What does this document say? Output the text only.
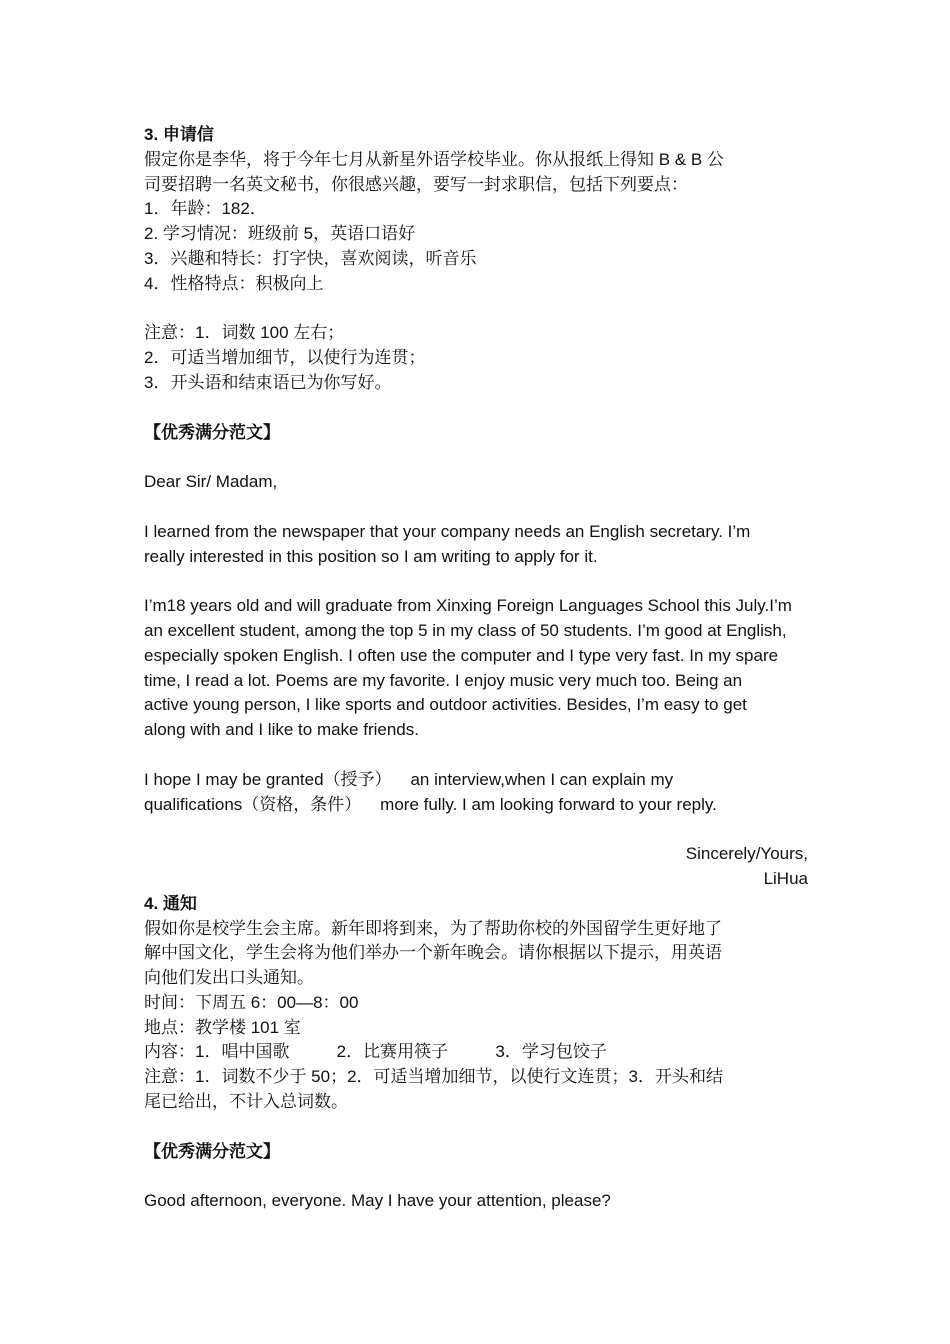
3. 申请信
假定你是李华，将于今年七月从新星外语学校毕业。你从报纸上得知 B & B 公
司要招聘一名英文秘书，你很感兴趣，要写一封求职信，包括下列要点：
1．年龄：182．
2. 学习情况：班级前 5，英语口语好
3．兴趣和特长：打字快，喜欢阅读，听音乐
4．性格特点：积极向上
注意：1．词数 100 左右；
2．可适当增加细节，以使行为连贯；
3．开头语和结束语已为你写好。
【优秀满分范文】
Dear Sir/ Madam,
I learned from the newspaper that your company needs an English secretary. I’m
really interested in this position so I am writing to apply for it.
I’m18 years old and will graduate from Xinxing Foreign Languages School this July.I’m
an excellent student, among the top 5 in my class of 50 students. I’m good at English,
especially spoken English. I often use the computer and I type very fast. In my spare
time, I read a lot. Poems are my favorite. I enjoy music very much too. Being an
active young person, I like sports and outdoor activities. Besides, I’m easy to get
along with and I like to make friends.
I hope I may be granted（授予）    an interview,when I can explain my
qualifications（资格，条件）    more fully. I am looking forward to your reply.
Sincerely/Yours,
LiHua
4. 通知
假如你是校学生会主席。新年即将到来，为了帮助你校的外国留学生更好地了
解中国文化，学生会将为他们举办一个新年晚会。请你根据以下提示，用英语
向他们发出口头通知。
时间：下周五 6：00—8：00
地点：教学楼 101 室
内容：1．唱中国歌          2．比赛用筷子          3．学习包饺子
注意：1．词数不少于 50；2．可适当增加细节，以使行文连贯；3．开头和结
尾已给出，不计入总词数。
【优秀满分范文】
Good afternoon, everyone. May I have your attention, please?
